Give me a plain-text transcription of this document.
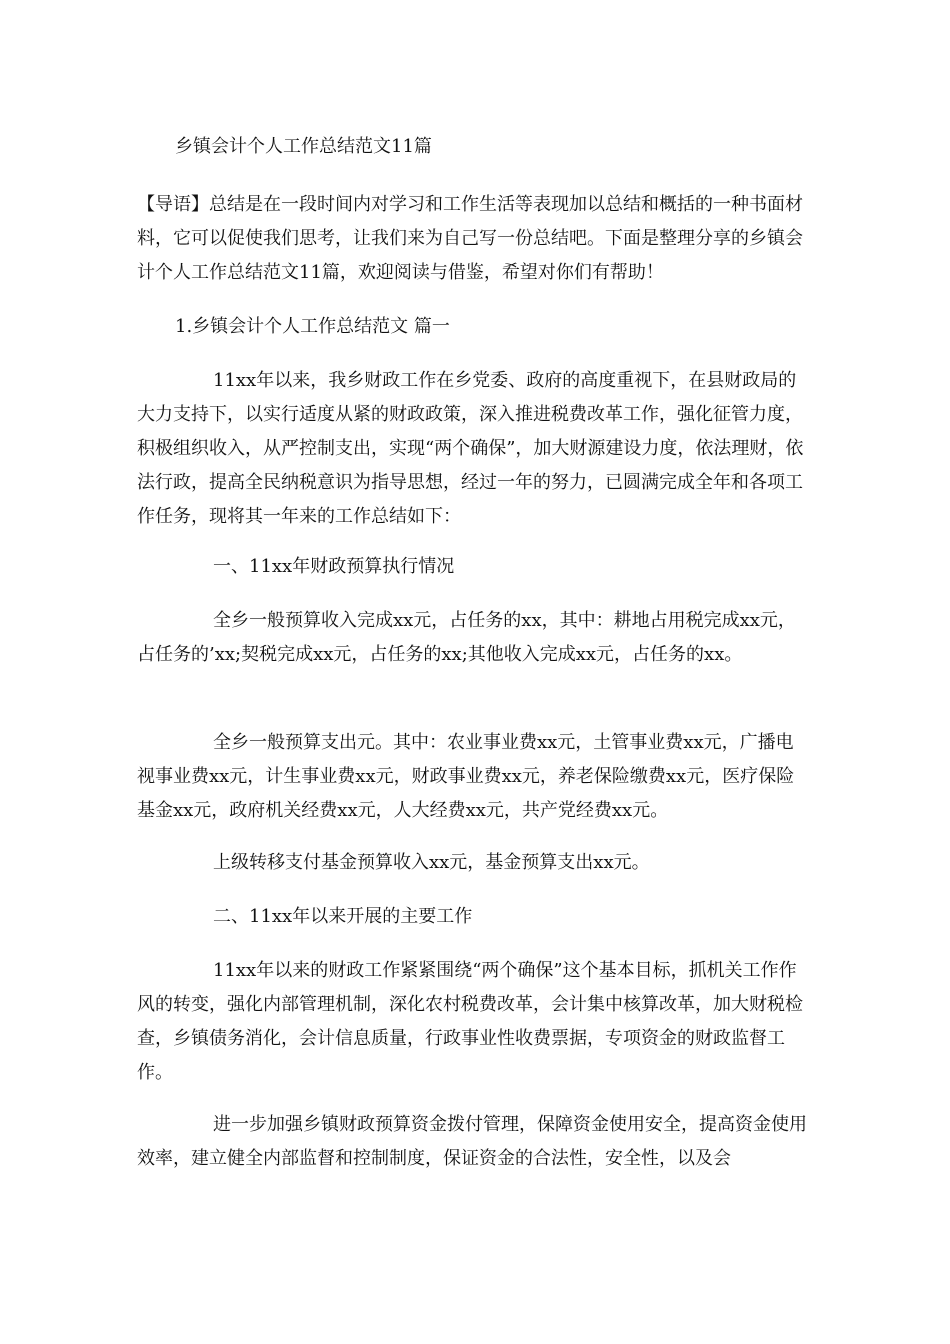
乡镇会计个人工作总结范文11篇

【导语】总结是在一段时间内对学习和工作生活等表现加以总结和概括的一种书面材料，它可以促使我们思考，让我们来为自己写一份总结吧。下面是整理分享的乡镇会计个人工作总结范文11篇，欢迎阅读与借鉴，希望对你们有帮助！

1.乡镇会计个人工作总结范文 篇一

11xx年以来，我乡财政工作在乡党委、政府的高度重视下，在县财政局的大力支持下，以实行适度从紧的财政政策，深入推进税费改革工作，强化征管力度，积极组织收入，从严控制支出，实现“两个确保”，加大财源建设力度，依法理财，依法行政，提高全民纳税意识为指导思想，经过一年的努力，已圆满完成全年和各项工作任务，现将其一年来的工作总结如下：

一、11xx年财政预算执行情况

全乡一般预算收入完成xx元，占任务的xx，其中：耕地占用税完成xx元，占任务的’xx;契税完成xx元，占任务的xx;其他收入完成xx元，占任务的xx。

全乡一般预算支出元。其中：农业事业费xx元，土管事业费xx元，广播电视事业费xx元，计生事业费xx元，财政事业费xx元，养老保险缴费xx元，医疗保险基金xx元，政府机关经费xx元，人大经费xx元，共产党经费xx元。

上级转移支付基金预算收入xx元，基金预算支出xx元。

二、11xx年以来开展的主要工作

11xx年以来的财政工作紧紧围绕“两个确保”这个基本目标，抓机关工作作风的转变，强化内部管理机制，深化农村税费改革，会计集中核算改革，加大财税检查，乡镇债务消化，会计信息质量，行政事业性收费票据，专项资金的财政监督工作。

进一步加强乡镇财政预算资金拨付管理，保障资金使用安全，提高资金使用效率，建立健全内部监督和控制制度，保证资金的合法性，安全性，以及会
